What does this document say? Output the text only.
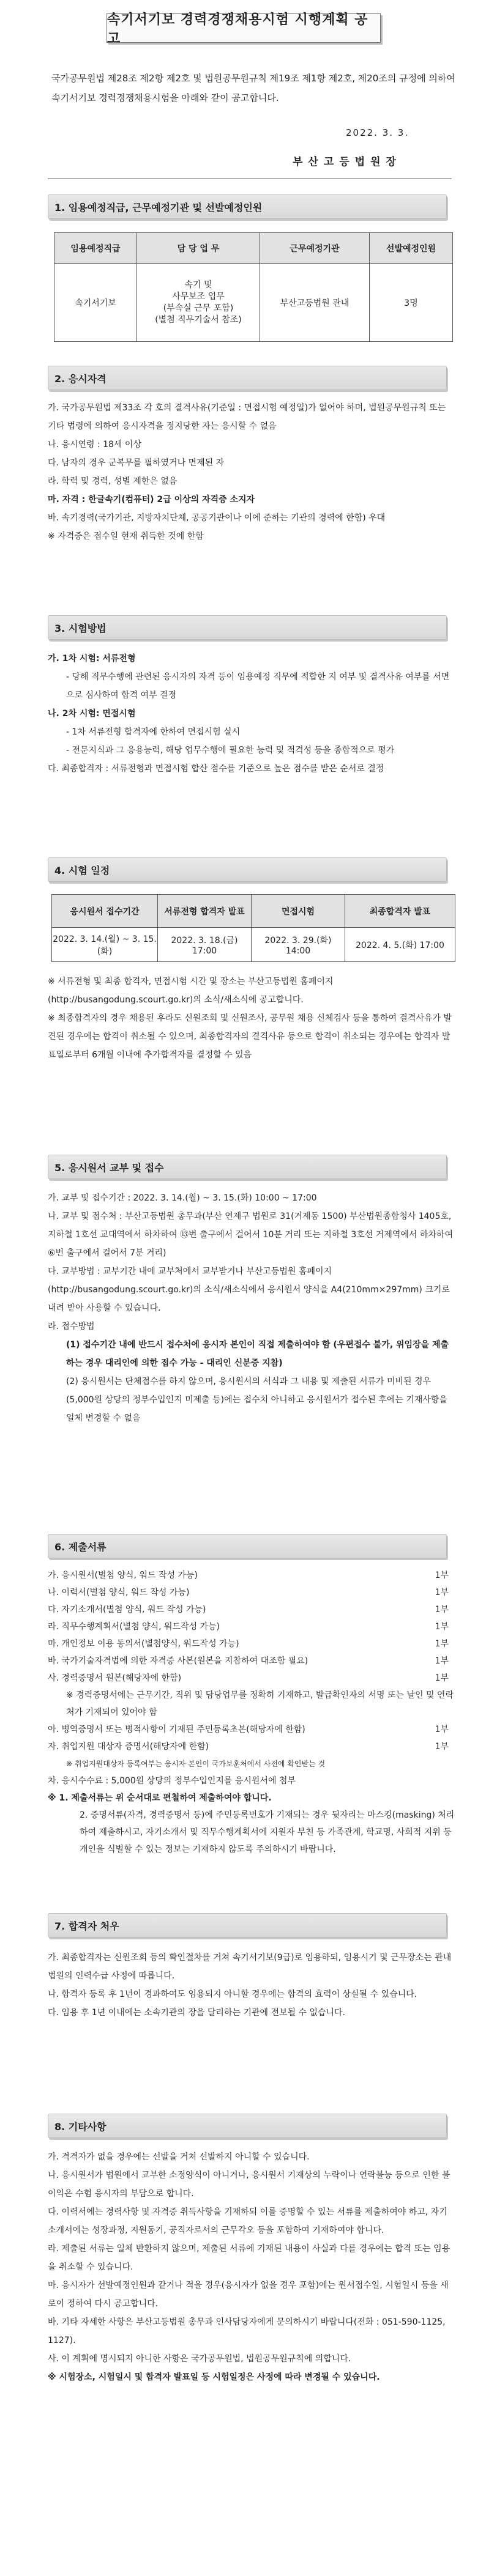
속기서기보 경력경쟁채용시험 시행계획 공고
국가공무원법 제28조 제2항 제2호 및 법원공무원규칙 제19조 제1항 제2호, 제20조의 규정에 의하여 속기서기보 경력경쟁채용시험을 아래와 같이 공고합니다.
2022. 3. 3.
부산고등법원장
1. 임용예정직급, 근무예정기관 및 선발예정인원
임용예정직급	담 당 업 무	근무예정기관	선발예정인원
속기서기보	속기 및
사무보조 업무
(부속실 근무 포함)
(별첨 직무기술서 참조)	부산고등법원 관내	3명
2. 응시자격

가. 국가공무원법 제33조 각 호의 결격사유(기준일 : 면접시험 예정일)가 없어야 하며, 법원공무원규칙 또는 기타 법령에 의하여 응시자격을 정지당한 자는 응시할 수 없음

나. 응시연령 : 18세 이상

다. 남자의 경우 군복무를 필하였거나 면제된 자

라. 학력 및 경력, 성별 제한은 없음

마. 자격 : 한글속기(컴퓨터) 2급 이상의 자격증 소지자

바. 속기경력(국가기관, 지방자치단체, 공공기관이나 이에 준하는 기관의 경력에 한함) 우대

※ 자격증은 접수일 현재 취득한 것에 한함

3. 시험방법

가. 1차 시험: 서류전형

- 당해 직무수행에 관련된 응시자의 자격 등이 임용예정 직무에 적합한 지 여부 및 결격사유 여부를 서면으로 심사하여 합격 여부 결정

나. 2차 시험: 면접시험

- 1차 서류전형 합격자에 한하여 면접시험 실시

- 전문지식과 그 응용능력, 해당 업무수행에 필요한 능력 및 적격성 등을 종합적으로 평가

다. 최종합격자 : 서류전형과 면접시험 합산 점수를 기준으로 높은 점수를 받은 순서로 결정

4. 시험 일정
응시원서 접수기간	서류전형 합격자 발표	면접시험	최종합격자 발표
2022. 3. 14.(월) ~ 3. 15.(화)	2022. 3. 18.(금) 17:00	2022. 3. 29.(화) 14:00	2022. 4. 5.(화) 17:00

※ 서류전형 및 최종 합격자, 면접시험 시간 및 장소는 부산고등법원 홈페이지 (http://busangodung.scourt.go.kr)의 소식/새소식에 공고합니다.

※ 최종합격자의 경우 채용된 후라도 신원조회 및 신원조사, 공무원 채용 신체검사 등을 통하여 결격사유가 발견된 경우에는 합격이 취소될 수 있으며, 최종합격자의 결격사유 등으로 합격이 취소되는 경우에는 합격자 발표일로부터 6개월 이내에 추가합격자를 결정할 수 있음

5. 응시원서 교부 및 접수

가. 교부 및 접수기간 : 2022. 3. 14.(월) ~ 3. 15.(화) 10:00 ~ 17:00

나. 교부 및 접수처 : 부산고등법원 총무과(부산 연제구 법원로 31(거제동 1500) 부산법원종합청사 1405호, 지하철 1호선 교대역에서 하차하여 ⑬번 출구에서 걸어서 10분 거리 또는 지하철 3호선 거제역에서 하차하여 ⑥번 출구에서 걸어서 7분 거리)

다. 교부방법 : 교부기간 내에 교부처에서 교부받거나 부산고등법원 홈페이지(http://busangodung.scourt.go.kr)의 소식/새소식에서 응시원서 양식을 A4(210mm×297mm) 크기로 내려 받아 사용할 수 있습니다.

라. 접수방법

(1) 접수기간 내에 반드시 접수처에 응시자 본인이 직접 제출하여야 함 (우편접수 불가, 위임장을 제출하는 경우 대리인에 의한 접수 가능 - 대리인 신분증 지참)

(2) 응시원서는 단체접수를 하지 않으며, 응시원서의 서식과 그 내용 및 제출된 서류가 미비된 경우(5,000원 상당의 정부수입인지 미제출 등)에는 접수치 아니하고 응시원서가 접수된 후에는 기재사항을 일체 변경할 수 없음

6. 제출서류
가. 응시원서(별첨 양식, 워드 작성 가능)	1부
나. 이력서(별첨 양식, 워드 작성 가능)	1부
다. 자기소개서(별첨 양식, 워드 작성 가능)	1부
라. 직무수행계획서(별첨 양식, 워드작성 가능)	1부
마. 개인정보 이용 동의서(별첨양식, 워드작성 가능)	1부
바. 국가기술자격법에 의한 자격증 사본(원본을 지참하여 대조함 필요)	1부
사. 경력증명서 원본(해당자에 한함)	1부

※ 경력증명서에는 근무기간, 직위 및 담당업무를 정확히 기재하고, 발급확인자의 서명 또는 날인 및 연락처가 기재되어 있어야 함

아. 병역증명서 또는 병적사항이 기재된 주민등록초본(해당자에 한함)	1부
자. 취업지원 대상자 증명서(해당자에 한함)	1부

※ 취업지원대상자 등록여부는 응시자 본인이 국가보훈처에서 사전에 확인받는 것

차. 응시수수료 : 5,000원 상당의 정부수입인지를 응시원서에 첨부

※ 1. 제출서류는 위 순서대로 편철하여 제출하여야 합니다.

2. 증명서류(자격, 경력증명서 등)에 주민등록번호가 기재되는 경우 뒷자리는 마스킹(masking) 처리하여 제출하시고, 자기소개서 및 직무수행계획서에 지원자 부친 등 가족관계, 학교명, 사회적 지위 등 개인을 식별할 수 있는 정보는 기재하지 않도록 주의하시기 바랍니다.

7. 합격자 처우

가. 최종합격자는 신원조회 등의 확인절차를 거쳐 속기서기보(9급)로 임용하되, 임용시기 및 근무장소는 관내 법원의 인력수급 사정에 따릅니다.

나. 합격자 등록 후 1년이 경과하여도 임용되지 아니할 경우에는 합격의 효력이 상실될 수 있습니다.

다. 임용 후 1년 이내에는 소속기관의 장을 달리하는 기관에 전보될 수 없습니다.

8. 기타사항

가. 격격자가 없을 경우에는 선발을 거쳐 선발하지 아니할 수 있습니다.

나. 응시원서가 법원에서 교부한 소정양식이 아니거나, 응시원서 기재상의 누락이나 연락불능 등으로 인한 불이익은 수험 응시자의 부담으로 합니다.

다. 이력서에는 경력사항 및 자격증 취득사항을 기재하되 이를 증명할 수 있는 서류를 제출하여야 하고, 자기소개서에는 성장과정, 지원동기, 공직자로서의 근무각오 등을 포함하여 기재하여야 합니다.

라. 제출된 서류는 일체 반환하지 않으며, 제출된 서류에 기재된 내용이 사실과 다를 경우에는 합격 또는 임용을 취소할 수 있습니다.

마. 응시자가 선발예정인원과 같거나 적을 경우(응시자가 없을 경우 포함)에는 원서접수일, 시험일시 등을 새로이 정하여 다시 공고합니다.

바. 기타 자세한 사항은 부산고등법원 총무과 인사담당자에게 문의하시기 바랍니다(전화 : 051-590-1125, 1127).

사. 이 계획에 명시되지 아니한 사항은 국가공무원법, 법원공무원규칙에 의합니다.

※ 시험장소, 시험일시 및 합격자 발표일 등 시험일정은 사정에 따라 변경될 수 있습니다.
